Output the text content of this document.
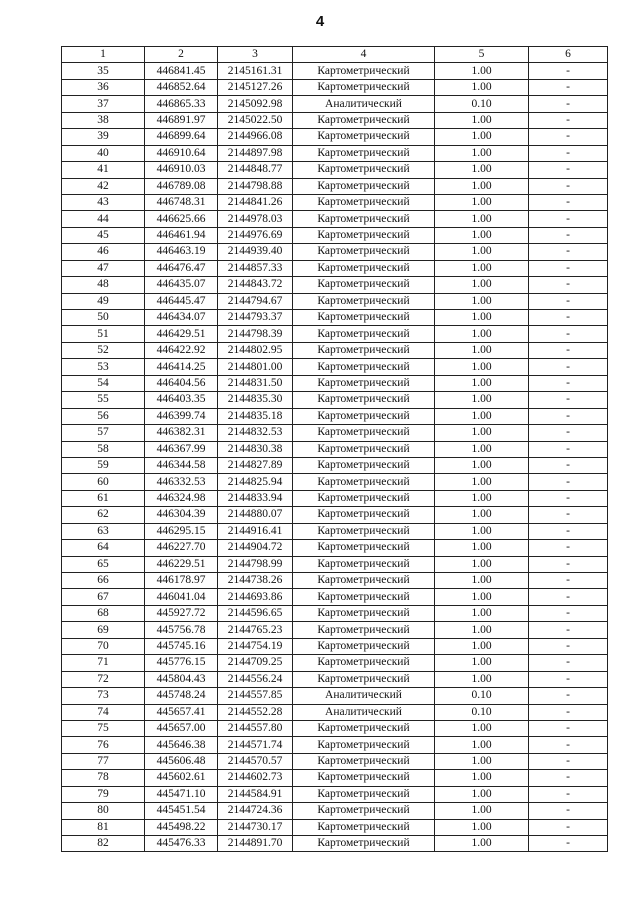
4
1	2	3	4	5	6
35	446841.45	2145161.31	Картометрический	1.00	-
36	446852.64	2145127.26	Картометрический	1.00	-
37	446865.33	2145092.98	Аналитический	0.10	-
38	446891.97	2145022.50	Картометрический	1.00	-
39	446899.64	2144966.08	Картометрический	1.00	-
40	446910.64	2144897.98	Картометрический	1.00	-
41	446910.03	2144848.77	Картометрический	1.00	-
42	446789.08	2144798.88	Картометрический	1.00	-
43	446748.31	2144841.26	Картометрический	1.00	-
44	446625.66	2144978.03	Картометрический	1.00	-
45	446461.94	2144976.69	Картометрический	1.00	-
46	446463.19	2144939.40	Картометрический	1.00	-
47	446476.47	2144857.33	Картометрический	1.00	-
48	446435.07	2144843.72	Картометрический	1.00	-
49	446445.47	2144794.67	Картометрический	1.00	-
50	446434.07	2144793.37	Картометрический	1.00	-
51	446429.51	2144798.39	Картометрический	1.00	-
52	446422.92	2144802.95	Картометрический	1.00	-
53	446414.25	2144801.00	Картометрический	1.00	-
54	446404.56	2144831.50	Картометрический	1.00	-
55	446403.35	2144835.30	Картометрический	1.00	-
56	446399.74	2144835.18	Картометрический	1.00	-
57	446382.31	2144832.53	Картометрический	1.00	-
58	446367.99	2144830.38	Картометрический	1.00	-
59	446344.58	2144827.89	Картометрический	1.00	-
60	446332.53	2144825.94	Картометрический	1.00	-
61	446324.98	2144833.94	Картометрический	1.00	-
62	446304.39	2144880.07	Картометрический	1.00	-
63	446295.15	2144916.41	Картометрический	1.00	-
64	446227.70	2144904.72	Картометрический	1.00	-
65	446229.51	2144798.99	Картометрический	1.00	-
66	446178.97	2144738.26	Картометрический	1.00	-
67	446041.04	2144693.86	Картометрический	1.00	-
68	445927.72	2144596.65	Картометрический	1.00	-
69	445756.78	2144765.23	Картометрический	1.00	-
70	445745.16	2144754.19	Картометрический	1.00	-
71	445776.15	2144709.25	Картометрический	1.00	-
72	445804.43	2144556.24	Картометрический	1.00	-
73	445748.24	2144557.85	Аналитический	0.10	-
74	445657.41	2144552.28	Аналитический	0.10	-
75	445657.00	2144557.80	Картометрический	1.00	-
76	445646.38	2144571.74	Картометрический	1.00	-
77	445606.48	2144570.57	Картометрический	1.00	-
78	445602.61	2144602.73	Картометрический	1.00	-
79	445471.10	2144584.91	Картометрический	1.00	-
80	445451.54	2144724.36	Картометрический	1.00	-
81	445498.22	2144730.17	Картометрический	1.00	-
82	445476.33	2144891.70	Картометрический	1.00	-
